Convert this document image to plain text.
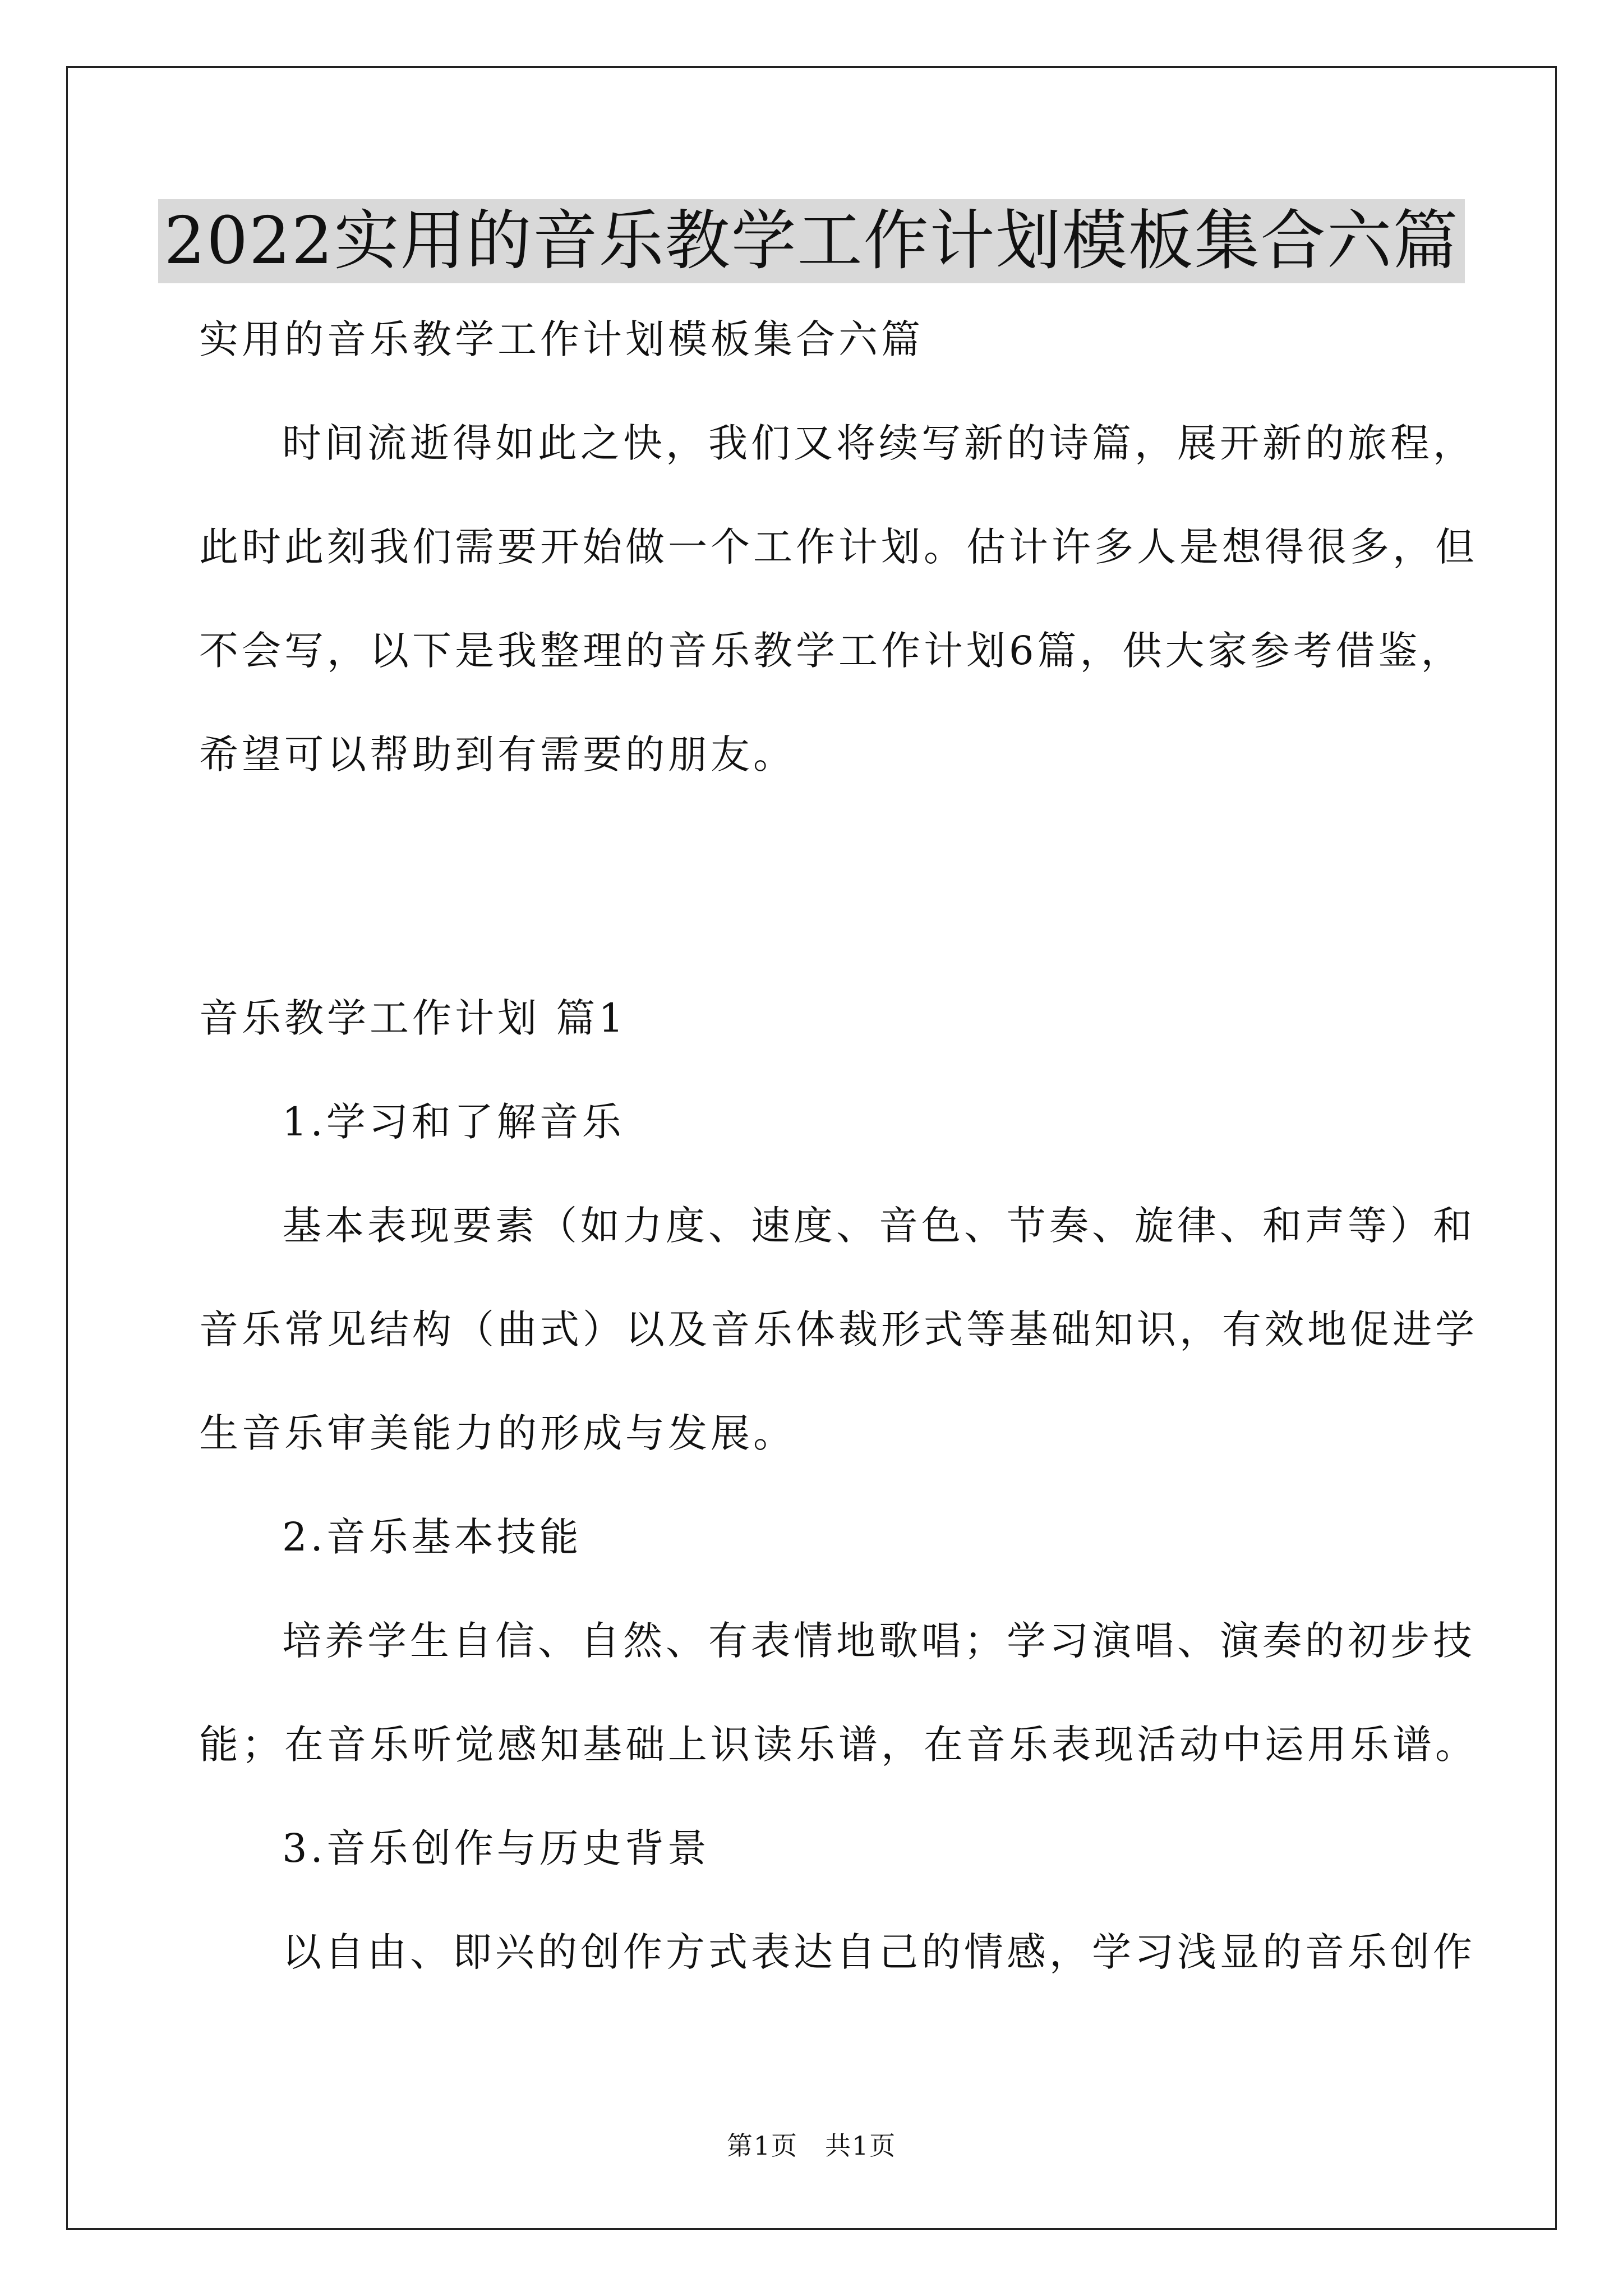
2022实用的音乐教学工作计划模板集合六篇
实用的音乐教学工作计划模板集合六篇
时间流逝得如此之快，我们又将续写新的诗篇，展开新的旅程，
此时此刻我们需要开始做一个工作计划。估计许多人是想得很多，但
不会写，以下是我整理的音乐教学工作计划6篇，供大家参考借鉴，
希望可以帮助到有需要的朋友。
音乐教学工作计划 篇1
1.学习和了解音乐
基本表现要素（如力度、速度、音色、节奏、旋律、和声等）和
音乐常见结构（曲式）以及音乐体裁形式等基础知识，有效地促进学
生音乐审美能力的形成与发展。
2.音乐基本技能
培养学生自信、自然、有表情地歌唱；学习演唱、演奏的初步技
能；在音乐听觉感知基础上识读乐谱，在音乐表现活动中运用乐谱。
3.音乐创作与历史背景
以自由、即兴的创作方式表达自己的情感，学习浅显的音乐创作
第1页　共1页
